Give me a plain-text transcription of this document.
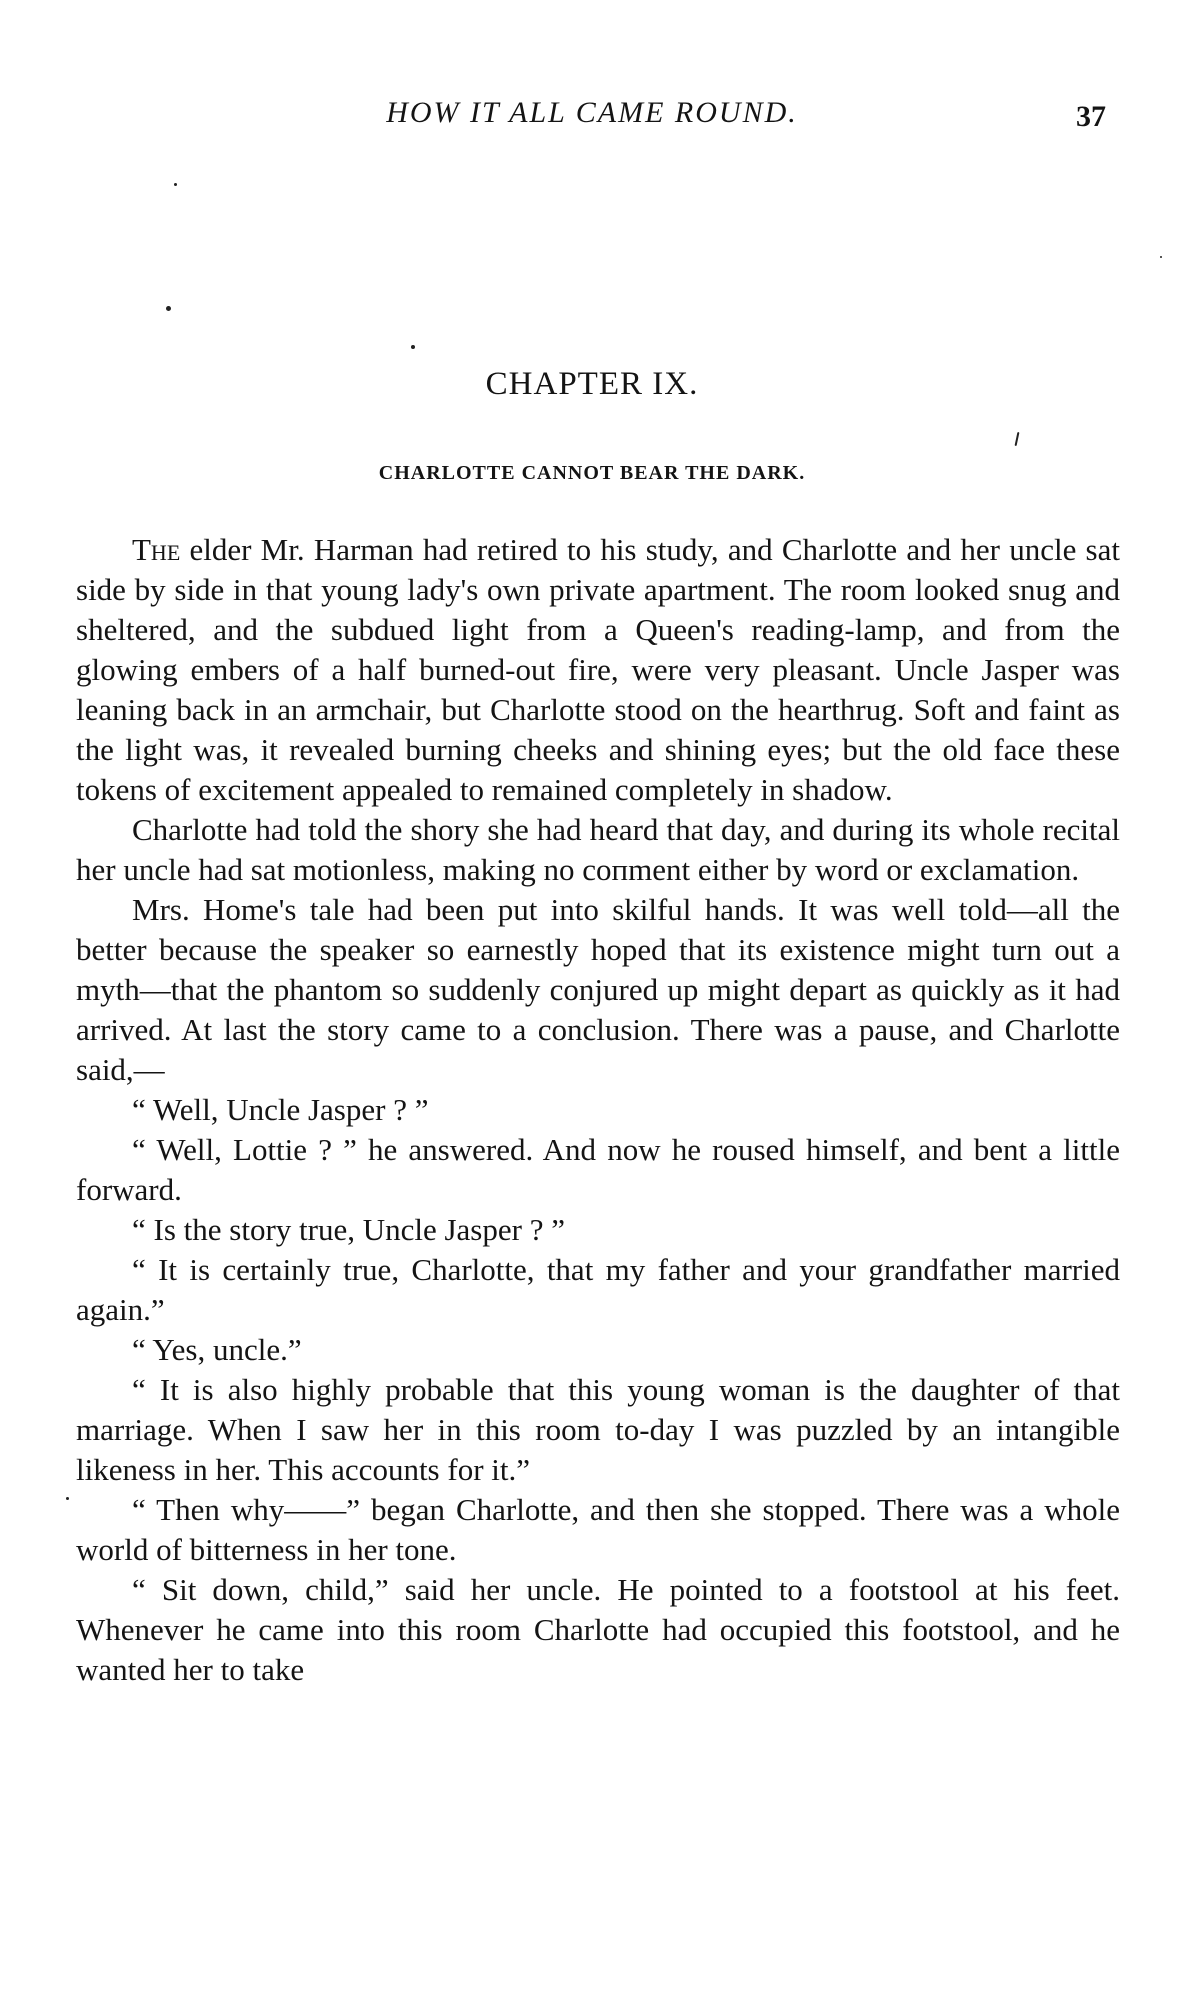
HOW IT ALL CAME ROUND.	37
CHAPTER IX.
CHARLOTTE CANNOT BEAR THE DARK.

The elder Mr. Harman had retired to his study, and Charlotte and her uncle sat side by side in that young lady's own private apartment. The room looked snug and sheltered, and the subdued light from a Queen's reading-lamp, and from the glowing embers of a half burned-out fire, were very pleasant. Uncle Jasper was leaning back in an armchair, but Charlotte stood on the hearthrug. Soft and faint as the light was, it revealed burning cheeks and shining eyes; but the old face these tokens of excitement appealed to remained completely in shadow.

Charlotte had told the shory she had heard that day, and during its whole recital her uncle had sat motionless, making no coпment either by word or exclamation.

Mrs. Home's tale had been put into skilful hands. It was well told—all the better because the speaker so earnestly hoped that its existence might turn out a myth—that the phantom so suddenly conjured up might depart as quickly as it had arrived. At last the story came to a conclusion. There was a pause, and Charlotte said,—

“ Well, Uncle Jasper ? ”

“ Well, Lottie ? ” he answered. And now he roused himself, and bent a little forward.

“ Is the story true, Uncle Jasper ? ”

“ It is certainly true, Charlotte, that my father and your grandfather married again.”

“ Yes, uncle.”

“ It is also highly probable that this young woman is the daughter of that marriage. When I saw her in this room to-day I was puzzled by an intangible likeness in her. This accounts for it.”

“ Then why——” began Charlotte, and then she stopped. There was a whole world of bitterness in her tone.

“ Sit down, child,” said her uncle. He pointed to a footstool at his feet. Whenever he came into this room Charlotte had occupied this footstool, and he wanted her to take
